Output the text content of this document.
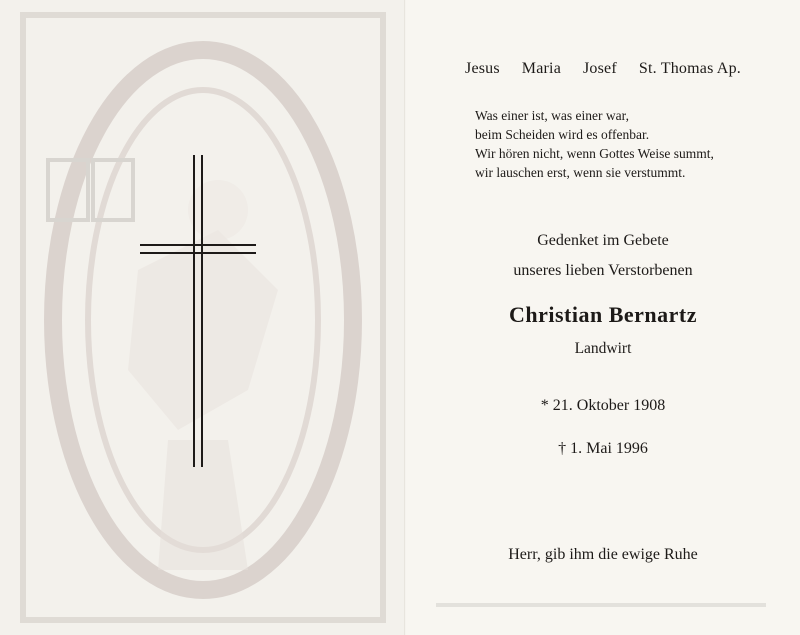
Jesus Maria Josef St. Thomas Ap.
Was einer ist, was einer war,
beim Scheiden wird es offenbar.
Wir hören nicht, wenn Gottes Weise summt,
wir lauschen erst, wenn sie verstummt.
Gedenket im Gebete
unseres lieben Verstorbenen
Christian Bernartz
Landwirt
* 21. Oktober 1908
† 1. Mai 1996
Herr, gib ihm die ewige Ruhe
